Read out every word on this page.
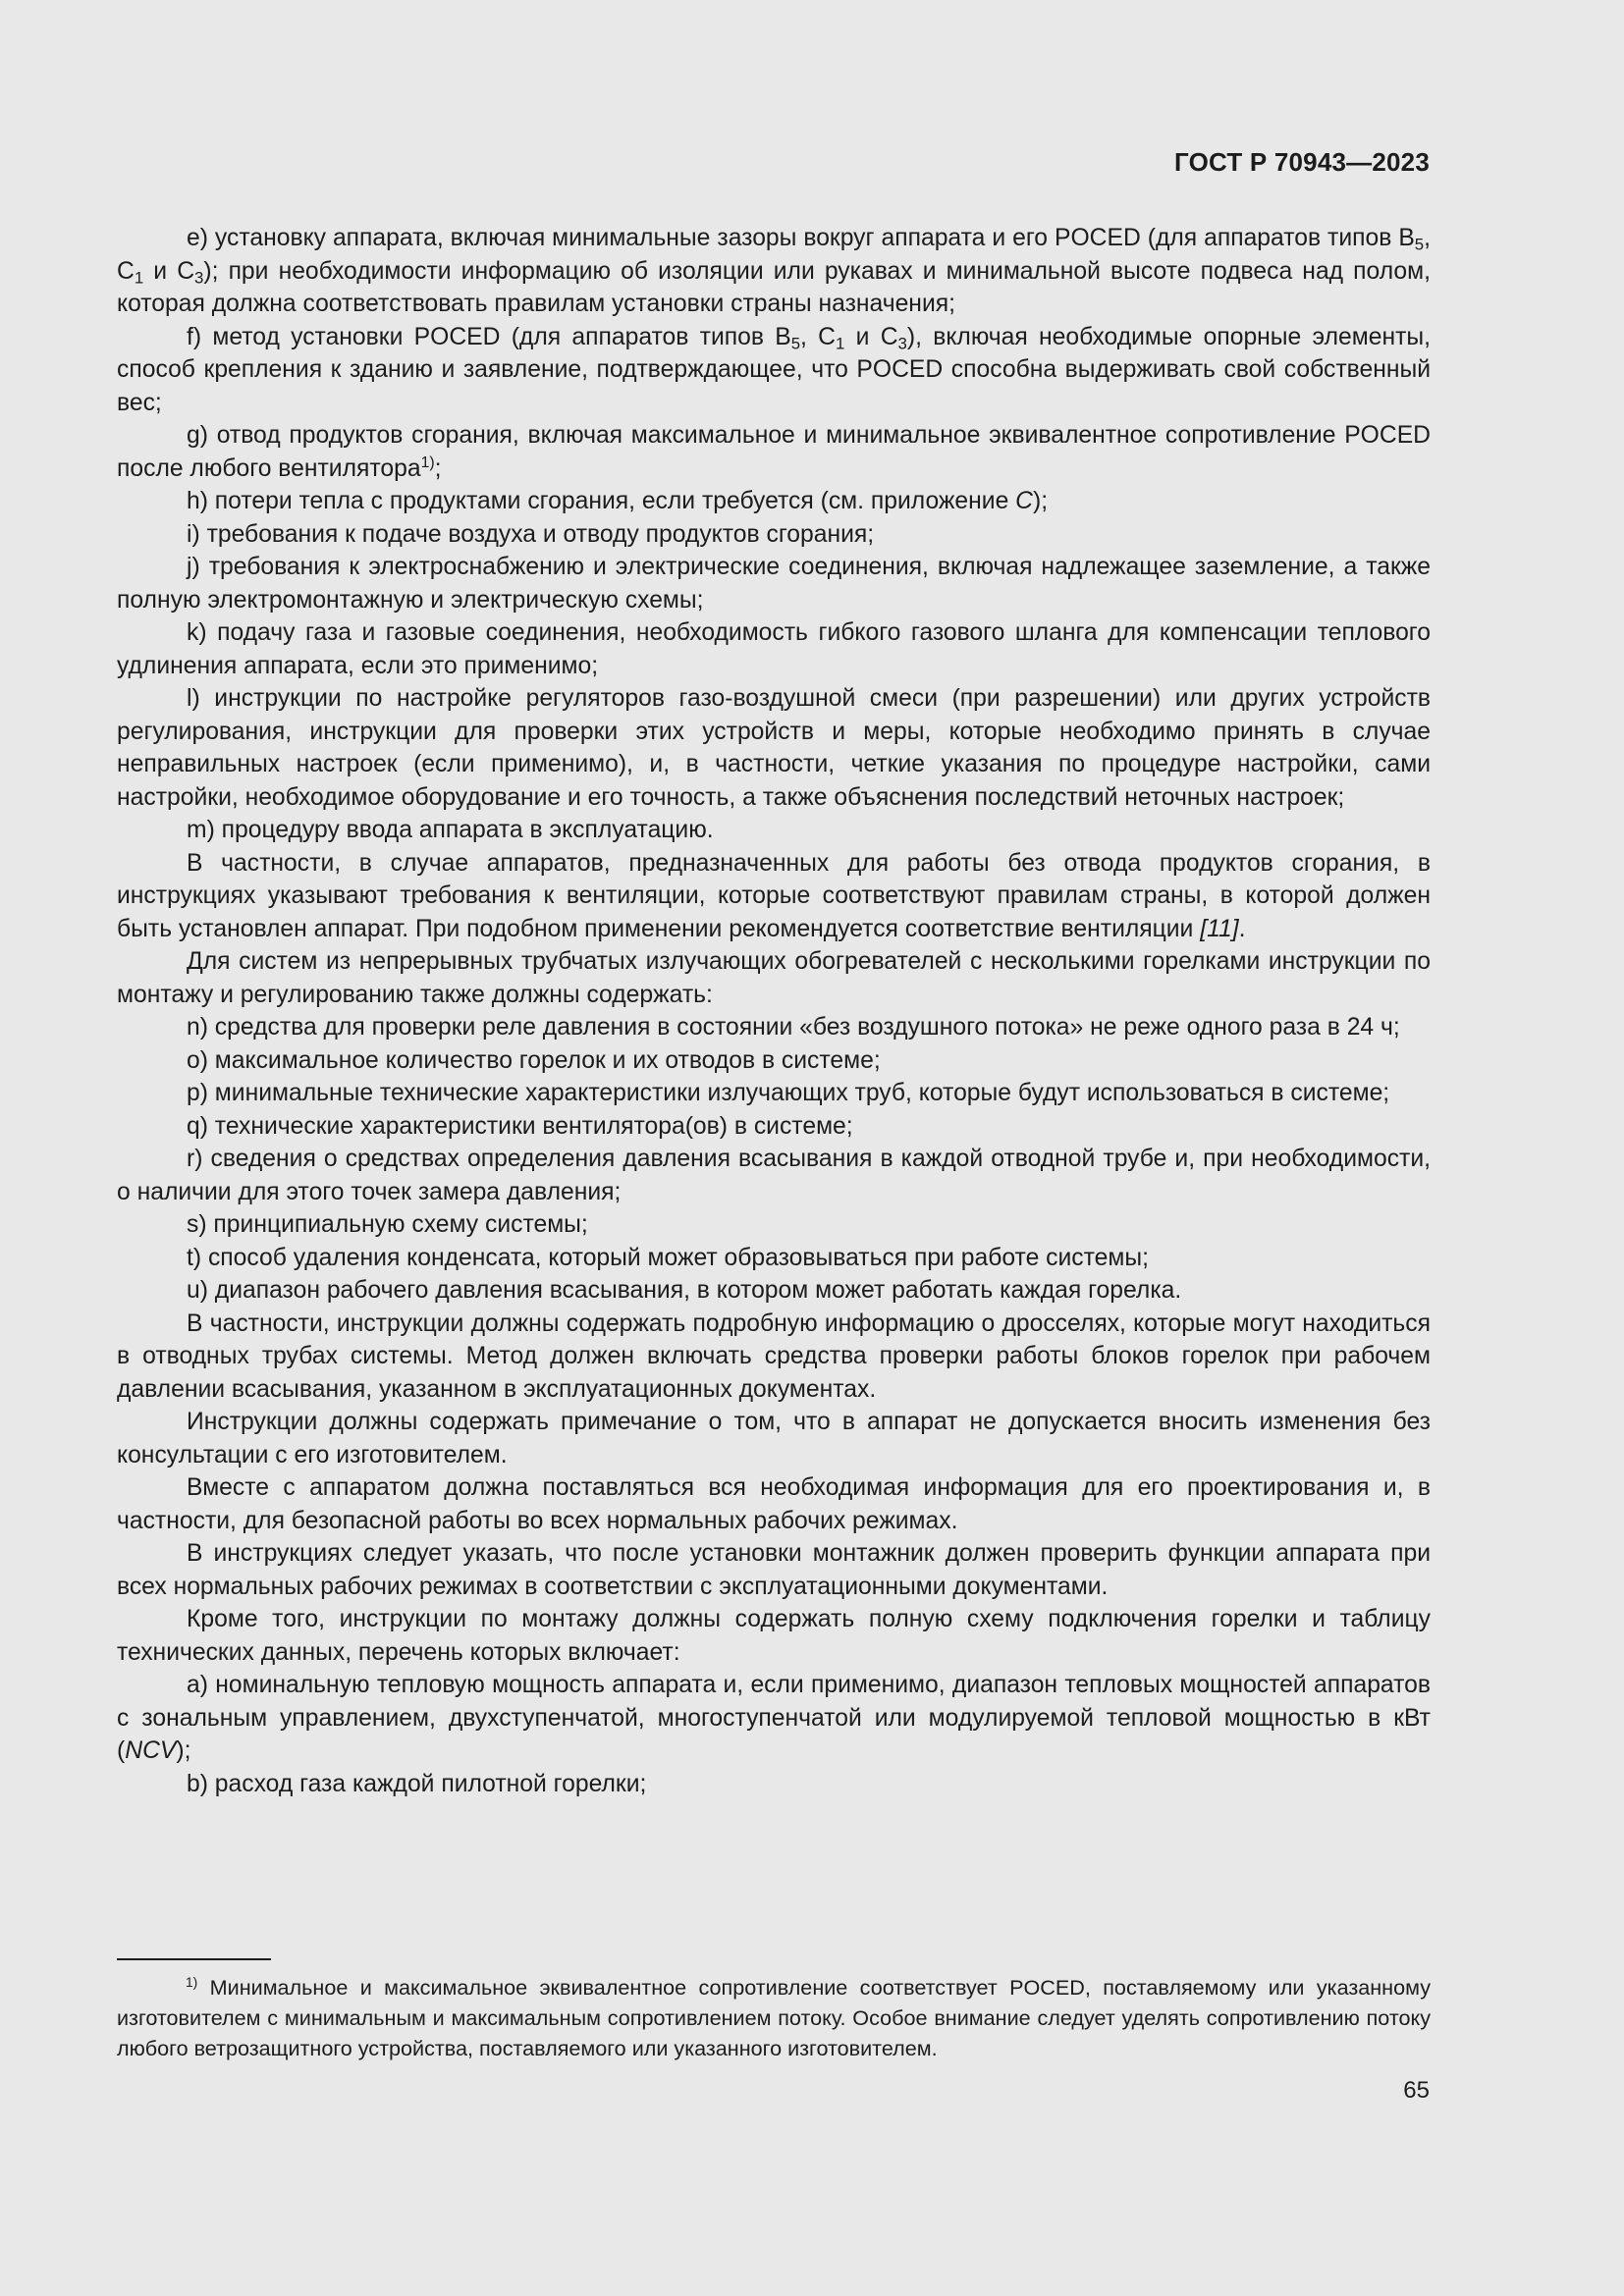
ГОСТ Р 70943—2023

e) установку аппарата, включая минимальные зазоры вокруг аппарата и его POCED (для аппаратов типов $B_5$, $C_1$ и $C_3$); при необходимости информацию об изоляции или рукавах и минимальной высоте подвеса над полом, которая должна соответствовать правилам установки страны назначения;

f) метод установки POCED (для аппаратов типов $B_5$, $C_1$ и $C_3$), включая необходимые опорные элементы, способ крепления к зданию и заявление, подтверждающее, что POCED способна выдерживать свой собственный вес;

g) отвод продуктов сгорания, включая максимальное и минимальное эквивалентное сопротивление POCED после любого вентилятора$^{1)}$;

h) потери тепла с продуктами сгорания, если требуется (см. приложение С);

i) требования к подаче воздуха и отводу продуктов сгорания;

j) требования к электроснабжению и электрические соединения, включая надлежащее заземление, а также полную электромонтажную и электрическую схемы;

k) подачу газа и газовые соединения, необходимость гибкого газового шланга для компенсации теплового удлинения аппарата, если это применимо;

l) инструкции по настройке регуляторов газо-воздушной смеси (при разрешении) или других устройств регулирования, инструкции для проверки этих устройств и меры, которые необходимо принять в случае неправильных настроек (если применимо), и, в частности, четкие указания по процедуре настройки, сами настройки, необходимое оборудование и его точность, а также объяснения последствий неточных настроек;

m) процедуру ввода аппарата в эксплуатацию.

В частности, в случае аппаратов, предназначенных для работы без отвода продуктов сгорания, в инструкциях указывают требования к вентиляции, которые соответствуют правилам страны, в которой должен быть установлен аппарат. При подобном применении рекомендуется соответствие вентиляции [11].

Для систем из непрерывных трубчатых излучающих обогревателей с несколькими горелками инструкции по монтажу и регулированию также должны содержать:

n) средства для проверки реле давления в состоянии «без воздушного потока» не реже одного раза в 24 ч;

o) максимальное количество горелок и их отводов в системе;

p) минимальные технические характеристики излучающих труб, которые будут использоваться в системе;

q) технические характеристики вентилятора(ов) в системе;

r) сведения о средствах определения давления всасывания в каждой отводной трубе и, при необходимости, о наличии для этого точек замера давления;

s) принципиальную схему системы;

t) способ удаления конденсата, который может образовываться при работе системы;

u) диапазон рабочего давления всасывания, в котором может работать каждая горелка.

В частности, инструкции должны содержать подробную информацию о дросселях, которые могут находиться в отводных трубах системы. Метод должен включать средства проверки работы блоков горелок при рабочем давлении всасывания, указанном в эксплуатационных документах.

Инструкции должны содержать примечание о том, что в аппарат не допускается вносить изменения без консультации с его изготовителем.

Вместе с аппаратом должна поставляться вся необходимая информация для его проектирования и, в частности, для безопасной работы во всех нормальных рабочих режимах.

В инструкциях следует указать, что после установки монтажник должен проверить функции аппарата при всех нормальных рабочих режимах в соответствии с эксплуатационными документами.

Кроме того, инструкции по монтажу должны содержать полную схему подключения горелки и таблицу технических данных, перечень которых включает:

a) номинальную тепловую мощность аппарата и, если применимо, диапазон тепловых мощностей аппаратов с зональным управлением, двухступенчатой, многоступенчатой или модулируемой тепловой мощностью в кВт (NCV);

b) расход газа каждой пилотной горелки;

$^{1)}$ Минимальное и максимальное эквивалентное сопротивление соответствует POCED, поставляемому или указанному изготовителем с минимальным и максимальным сопротивлением потоку. Особое внимание следует уделять сопротивлению потоку любого ветрозащитного устройства, поставляемого или указанного изготовителем.

65
